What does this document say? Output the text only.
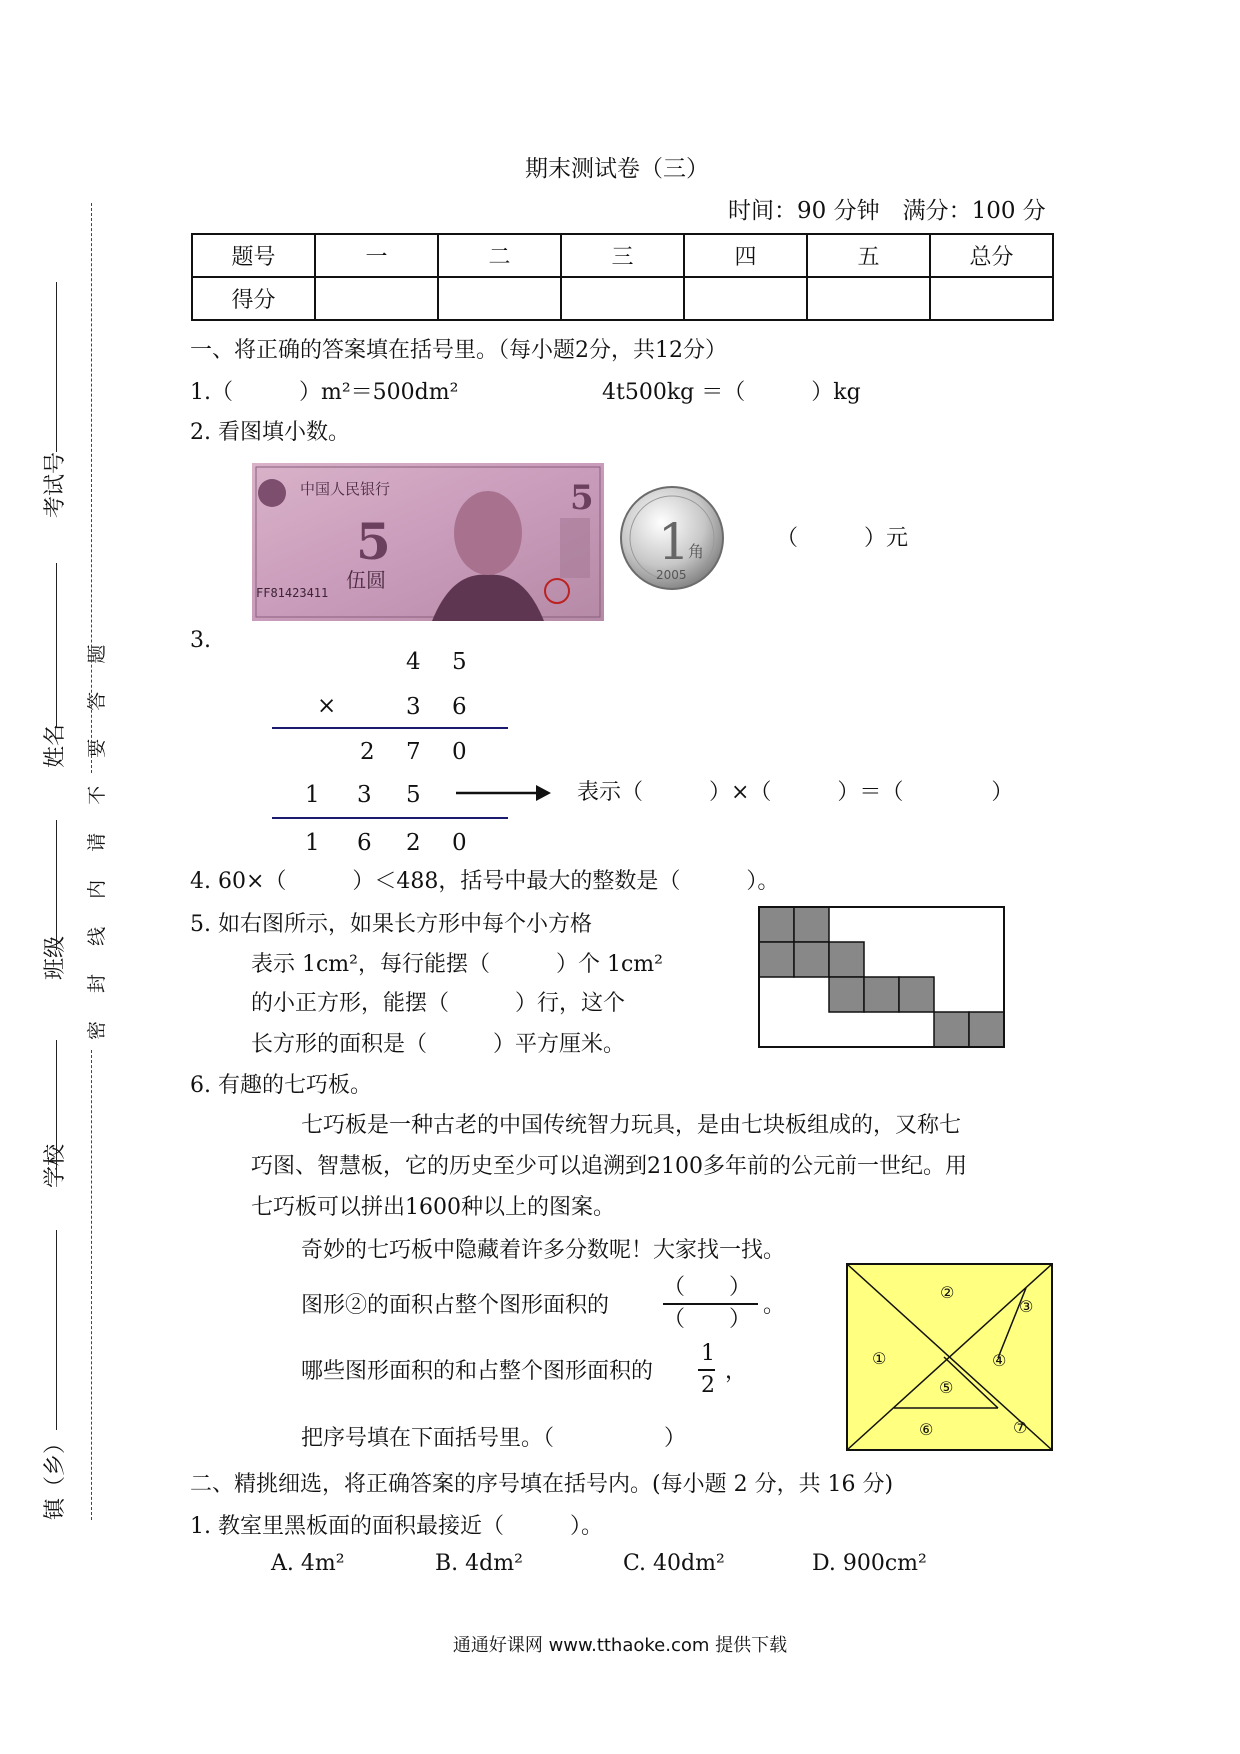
期末测试卷（三）
时间：90 分钟　满分：100 分
题号	一	二	三	四	五	总分
得分						
考试号
姓名
班级
学校
镇（乡）
密 封 线 内 请 不 要 答 题
一、将正确的答案填在括号里。（每小题2分，共12分）
1.（　　　）m²＝500dm²	4t500kg ＝（　　　）kg
2. 看图填小数。
中国人民银行
5
5
伍圆
FF81423411
1
角
2005
（　　　）元
3.
4 5
×	3 6
2 7 0
1 3 5	表示（　　　）×（　　　）＝（　　　　）
1 6 2 0
4. 60×（　　　）＜488，括号中最大的整数是（　　　）。
5. 如右图所示，如果长方形中每个小方格
表示 1cm²，每行能摆（　　　）个 1cm²
的小正方形，能摆（　　　）行，这个
长方形的面积是（　　　）平方厘米。
6. 有趣的七巧板。
七巧板是一种古老的中国传统智力玩具，是由七块板组成的，又称七
巧图、智慧板，它的历史至少可以追溯到2100多年前的公元前一世纪。用
七巧板可以拼出1600种以上的图案。
奇妙的七巧板中隐藏着许多分数呢！大家找一找。
图形②的面积占整个图形面积的
（　　）
（　　）
。
哪些图形面积的和占整个图形面积的
1
2
，
把序号填在下面括号里。（　　　　　）
①
②
③
④
⑤
⑥	⑦
二、精挑细选，将正确答案的序号填在括号内。(每小题 2 分，共 16 分)
1. 教室里黑板面的面积最接近（　　　）。
A. 4m²	B. 4dm²	C. 40dm²	D. 900cm²
通通好课网 www.tthaoke.com 提供下载
